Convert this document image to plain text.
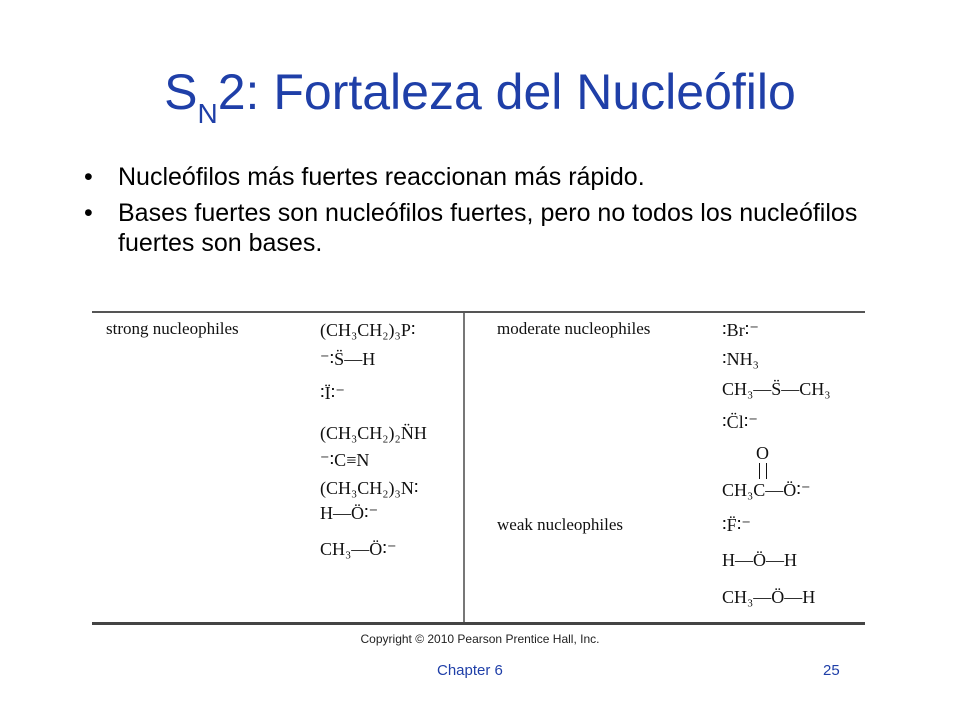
$S_N2$: Fortaleza del Nucleófilo
• Nucleófilos más fuertes reaccionan más rápido.
• Bases fuertes son nucleófilos fuertes, pero no todos los nucleófilos fuertes son bases.
strong nucleophiles	moderate nucleophiles
weak nucleophiles
(CH₃CH₂)₃P∶
⁻∶S̈—H
∶Ï∶⁻
(CH₃CH₂)₂N̈H
⁻∶C≡N
(CH₃CH₂)₃N∶
H—Ö∶⁻
CH₃—Ö∶⁻
∶Br∶⁻
∶NH₃
CH₃—S̈—CH₃
∶C̈l∶⁻
O
CH₃C—Ö∶⁻
∶F̈∶⁻
H—Ö—H
CH₃—Ö—H
Copyright © 2010 Pearson Prentice Hall, Inc.
Chapter 6	25
